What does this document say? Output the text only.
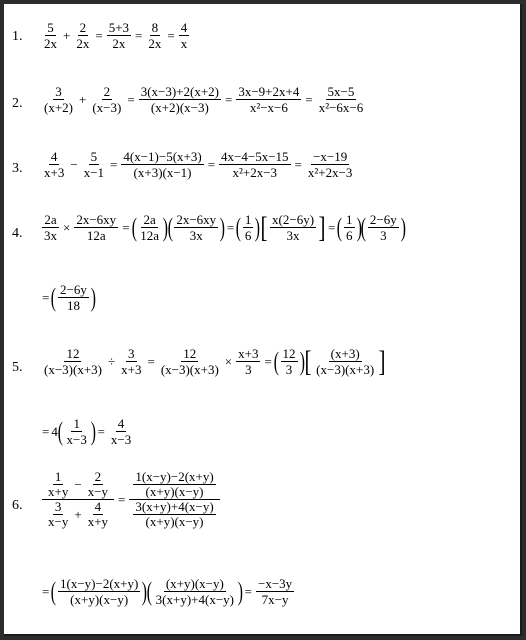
1. $\frac{5}{2x} + \frac{2}{2x} = \frac{5+3}{2x} = \frac{8}{2x} = \frac{4}{x}$
2. $\frac{3}{(x+2)} + \frac{2}{(x-3)} = \frac{3(x-3)+2(x+2)}{(x+2)(x-3)} = \frac{3x-9+2x+4}{\text{x²−x−6}} = \frac{5x-5}{\text{x²−6x−6}}$
3. $\frac{4}{x+3} - \frac{5}{x-1} = \frac{4(x-1)-5(x+3)}{(x+3)(x-1)} = \frac{4x-4-5x-15}{\text{x²+2x−3}} = \frac{-x-19}{\text{x²+2x−3}}$
4. $\frac{2a}{3x} \times \frac{2x-6xy}{12a}$ = ( $\frac{2a}{12a}$ ) ( $\frac{2x-6xy}{3x}$ ) = ( $\frac{1}{6}$ ) [ $\frac{x(2-6y)}{3x}$ ] = ( $\frac{1}{6}$ ) ( $\frac{2-6y}{3}$ )
= ( $\frac{2-6y}{18}$ )
5. $\frac{12}{(x-3)(x+3)} \div \frac{3}{x+3} = \frac{12}{(x-3)(x+3)} \times \frac{x+3}{3}$ = ( $\frac{12}{3}$ ) [ $\frac{(x+3)}{(x-3)(x+3)}$ ]
= 4 ( $\frac{1}{x-3}$ ) = $\frac{4}{x-3}$
6. $\frac{\frac{1}{x+y} - \frac{2}{x-y}}{\frac{3}{x-y} + \frac{4}{x+y}} = \frac{\frac{1(x-y)-2(x+y)}{(x+y)(x-y)}}{\frac{3(x+y)+4(x-y)}{(x+y)(x-y)}}$
= ( $\frac{1(x-y)-2(x+y)}{(x+y)(x-y)}$ ) ( $\frac{(x+y)(x-y)}{3(x+y)+4(x-y)}$ ) = $\frac{-x-3y}{7x-y}$
